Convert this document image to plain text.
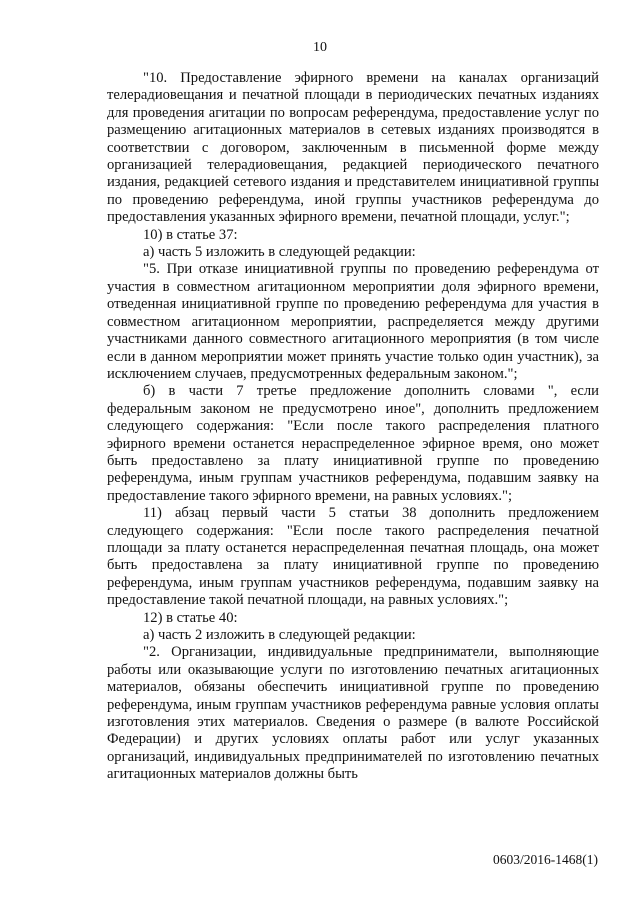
10

"10. Предоставление эфирного времени на каналах организаций телерадиовещания и печатной площади в периодических печатных изданиях для проведения агитации по вопросам референдума, предоставление услуг по размещению агитационных материалов в сетевых изданиях производятся в соответствии с договором, заключенным в письменной форме между организацией телерадиовещания, редакцией периодического печатного издания, редакцией сетевого издания и представителем инициативной группы по проведению референдума, иной группы участников референдума до предоставления указанных эфирного времени, печатной площади, услуг.";

10) в статье 37:

а) часть 5 изложить в следующей редакции:

"5. При отказе инициативной группы по проведению референдума от участия в совместном агитационном мероприятии доля эфирного времени, отведенная инициативной группе по проведению референдума для участия в совместном агитационном мероприятии, распределяется между другими участниками данного совместного агитационного мероприятия (в том числе если в данном мероприятии может принять участие только один участник), за исключением случаев, предусмотренных федеральным законом.";

б) в части 7 третье предложение дополнить словами ", если федеральным законом не предусмотрено иное", дополнить предложением следующего содержания: "Если после такого распределения платного эфирного времени останется нераспределенное эфирное время, оно может быть предоставлено за плату инициативной группе по проведению референдума, иным группам участников референдума, подавшим заявку на предоставление такого эфирного времени, на равных условиях.";

11) абзац первый части 5 статьи 38 дополнить предложением следующего содержания: "Если после такого распределения печатной площади за плату останется нераспределенная печатная площадь, она может быть предоставлена за плату инициативной группе по проведению референдума, иным группам участников референдума, подавшим заявку на предоставление такой печатной площади, на равных условиях.";

12) в статье 40:

а) часть 2 изложить в следующей редакции:

"2. Организации, индивидуальные предприниматели, выполняющие работы или оказывающие услуги по изготовлению печатных агитационных материалов, обязаны обеспечить инициативной группе по проведению референдума, иным группам участников референдума равные условия оплаты изготовления этих материалов. Сведения о размере (в валюте Российской Федерации) и других условиях оплаты работ или услуг указанных организаций, индивидуальных предпринимателей по изготовлению печатных агитационных материалов должны быть

0603/2016-1468(1)
